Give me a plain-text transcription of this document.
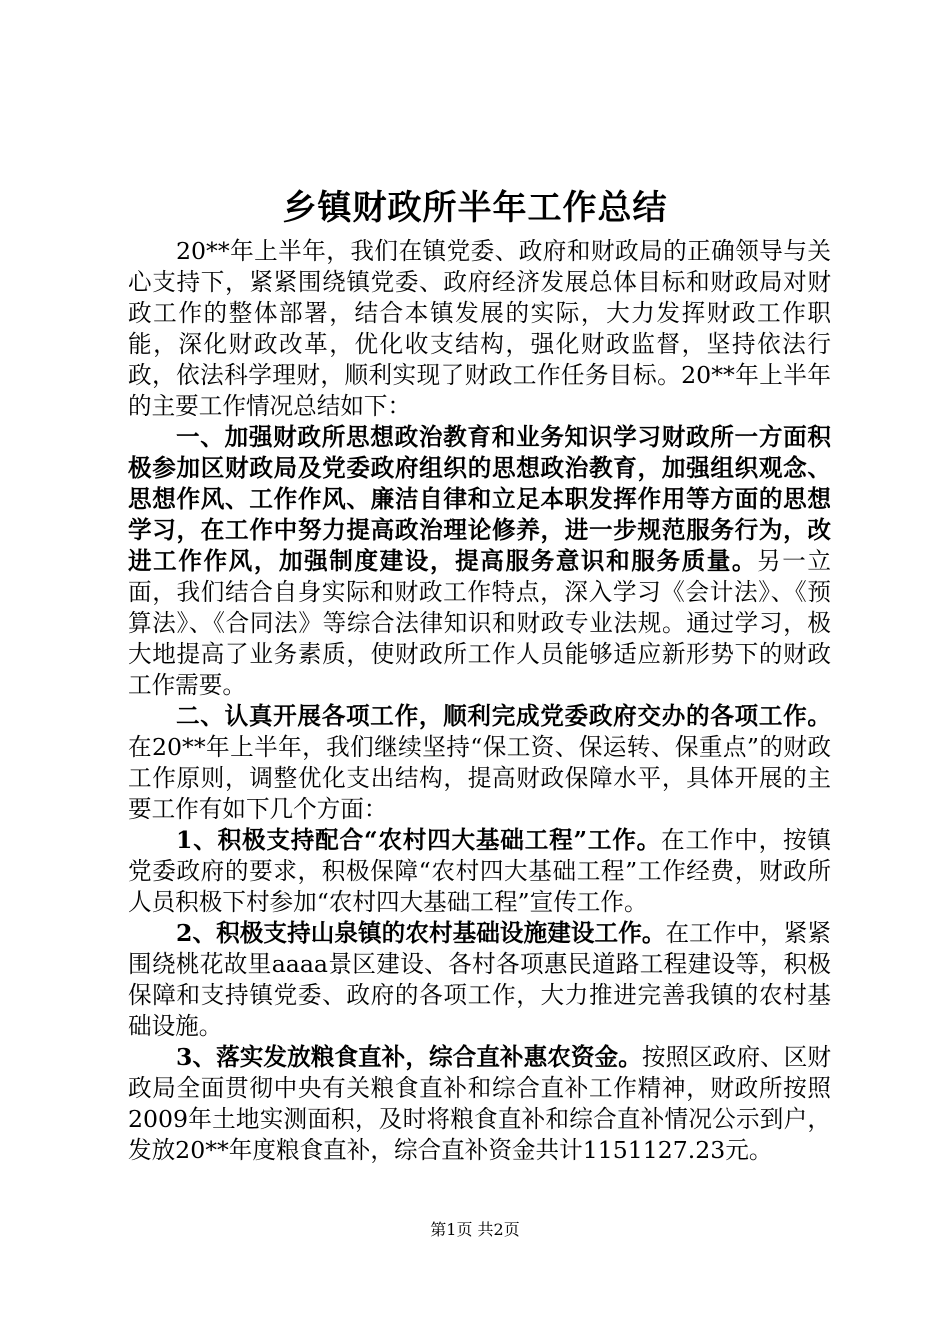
乡镇财政所半年工作总结

20**年上半年，我们在镇党委、政府和财政局的正确领导与关心支持下，紧紧围绕镇党委、政府经济发展总体目标和财政局对财政工作的整体部署，结合本镇发展的实际，大力发挥财政工作职能，深化财政改革，优化收支结构，强化财政监督，坚持依法行政，依法科学理财，顺利实现了财政工作任务目标。20**年上半年的主要工作情况总结如下：

一、加强财政所思想政治教育和业务知识学习财政所一方面积极参加区财政局及党委政府组织的思想政治教育，加强组织观念、思想作风、工作作风、廉洁自律和立足本职发挥作用等方面的思想学习，在工作中努力提高政治理论修养，进一步规范服务行为，改进工作作风，加强制度建设，提高服务意识和服务质量。另一立面，我们结合自身实际和财政工作特点，深入学习《会计法》、《预算法》、《合同法》等综合法律知识和财政专业法规。通过学习，极大地提高了业务素质，使财政所工作人员能够适应新形势下的财政工作需要。

二、认真开展各项工作，顺利完成党委政府交办的各项工作。在20**年上半年，我们继续坚持“保工资、保运转、保重点”的财政工作原则，调整优化支出结构，提高财政保障水平，具体开展的主要工作有如下几个方面：

1、积极支持配合“农村四大基础工程”工作。在工作中，按镇党委政府的要求，积极保障“农村四大基础工程”工作经费，财政所人员积极下村参加“农村四大基础工程”宣传工作。

2、积极支持山泉镇的农村基础设施建设工作。在工作中，紧紧围绕桃花故里aaaa景区建设、各村各项惠民道路工程建设等，积极保障和支持镇党委、政府的各项工作，大力推进完善我镇的农村基础设施。

3、落实发放粮食直补，综合直补惠农资金。按照区政府、区财政局全面贯彻中央有关粮食直补和综合直补工作精神，财政所按照2009年土地实测面积，及时将粮食直补和综合直补情况公示到户，发放20**年度粮食直补，综合直补资金共计1151127.23元。

第1页 共2页
